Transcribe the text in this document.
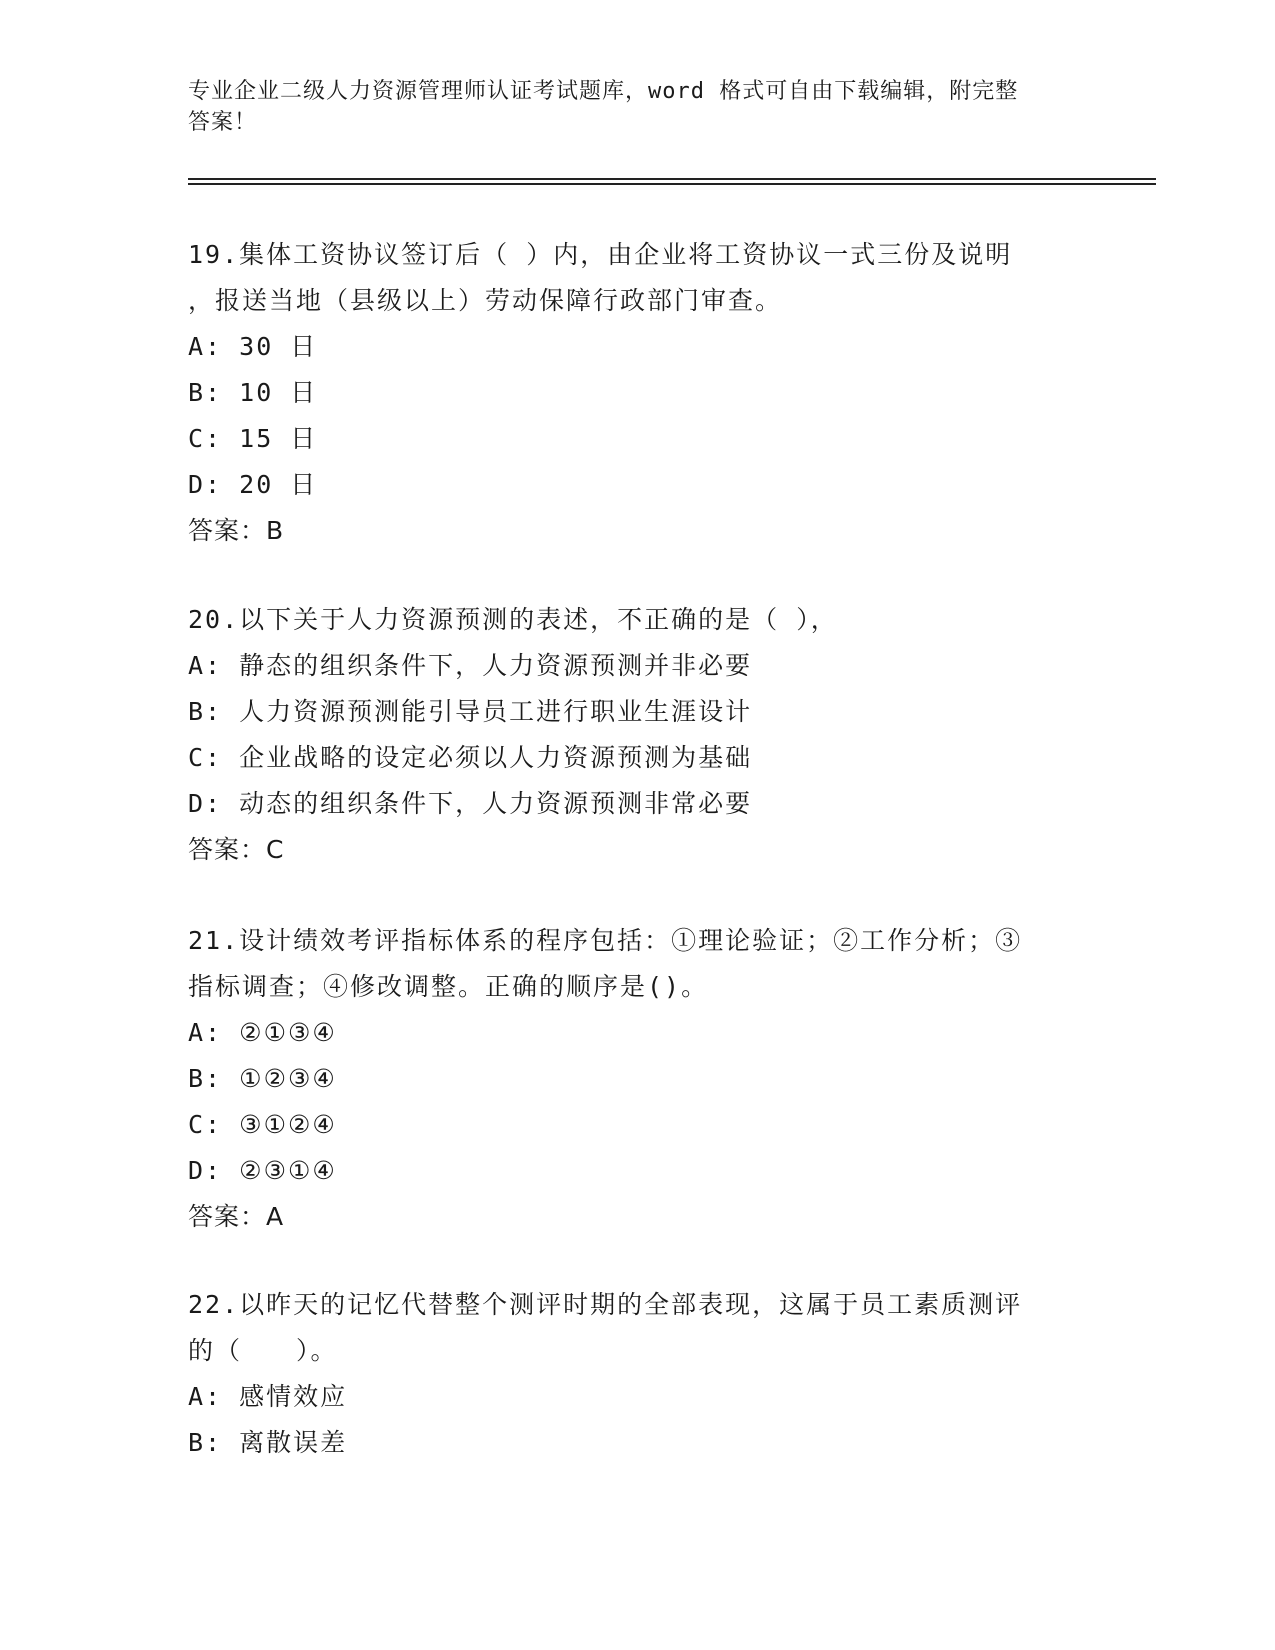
专业企业二级人力资源管理师认证考试题库，word 格式可自由下载编辑，附完整
答案！
19.集体工资协议签订后（ ）内，由企业将工资协议一式三份及说明
，报送当地（县级以上）劳动保障行政部门审查。
A: 30 日
B: 10 日
C: 15 日
D: 20 日
答案：B
20.以下关于人力资源预测的表述，不正确的是（ ），
A: 静态的组织条件下，人力资源预测并非必要
B: 人力资源预测能引导员工进行职业生涯设计
C: 企业战略的设定必须以人力资源预测为基础
D: 动态的组织条件下，人力资源预测非常必要
答案：C
21.设计绩效考评指标体系的程序包括：①理论验证；②工作分析；③
指标调查；④修改调整。正确的顺序是()。
A: ②①③④
B: ①②③④
C: ③①②④
D: ②③①④
答案：A
22.以昨天的记忆代替整个测评时期的全部表现，这属于员工素质测评
的（　　）。
A: 感情效应
B: 离散误差
